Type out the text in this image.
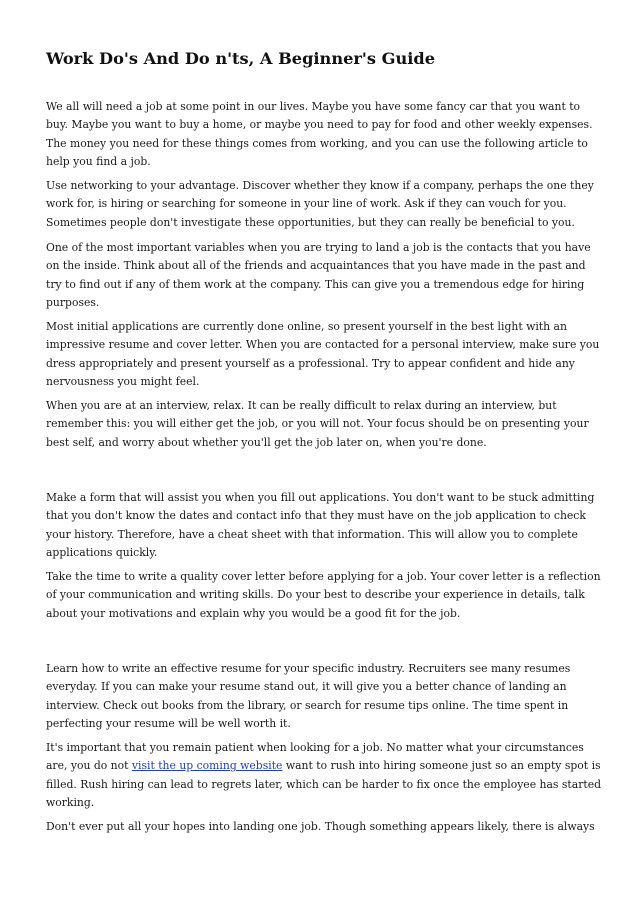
Work Do's And Do n'ts, A Beginner's Guide

We all will need a job at some point in our lives. Maybe you have some fancy car that you want to
buy. Maybe you want to buy a home, or maybe you need to pay for food and other weekly expenses.
The money you need for these things comes from working, and you can use the following article to
help you find a job.

Use networking to your advantage. Discover whether they know if a company, perhaps the one they
work for, is hiring or searching for someone in your line of work. Ask if they can vouch for you.
Sometimes people don't investigate these opportunities, but they can really be beneficial to you.

One of the most important variables when you are trying to land a job is the contacts that you have
on the inside. Think about all of the friends and acquaintances that you have made in the past and
try to find out if any of them work at the company. This can give you a tremendous edge for hiring
purposes.

Most initial applications are currently done online, so present yourself in the best light with an
impressive resume and cover letter. When you are contacted for a personal interview, make sure you
dress appropriately and present yourself as a professional. Try to appear confident and hide any
nervousness you might feel.

When you are at an interview, relax. It can be really difficult to relax during an interview, but
remember this: you will either get the job, or you will not. Your focus should be on presenting your
best self, and worry about whether you'll get the job later on, when you're done.

Make a form that will assist you when you fill out applications. You don't want to be stuck admitting
that you don't know the dates and contact info that they must have on the job application to check
your history. Therefore, have a cheat sheet with that information. This will allow you to complete
applications quickly.

Take the time to write a quality cover letter before applying for a job. Your cover letter is a reflection
of your communication and writing skills. Do your best to describe your experience in details, talk
about your motivations and explain why you would be a good fit for the job.

Learn how to write an effective resume for your specific industry. Recruiters see many resumes
everyday. If you can make your resume stand out, it will give you a better chance of landing an
interview. Check out books from the library, or search for resume tips online. The time spent in
perfecting your resume will be well worth it.

It's important that you remain patient when looking for a job. No matter what your circumstances
are, you do not visit the up coming website want to rush into hiring someone just so an empty spot is
filled. Rush hiring can lead to regrets later, which can be harder to fix once the employee has started
working.

Don't ever put all your hopes into landing one job. Though something appears likely, there is always
